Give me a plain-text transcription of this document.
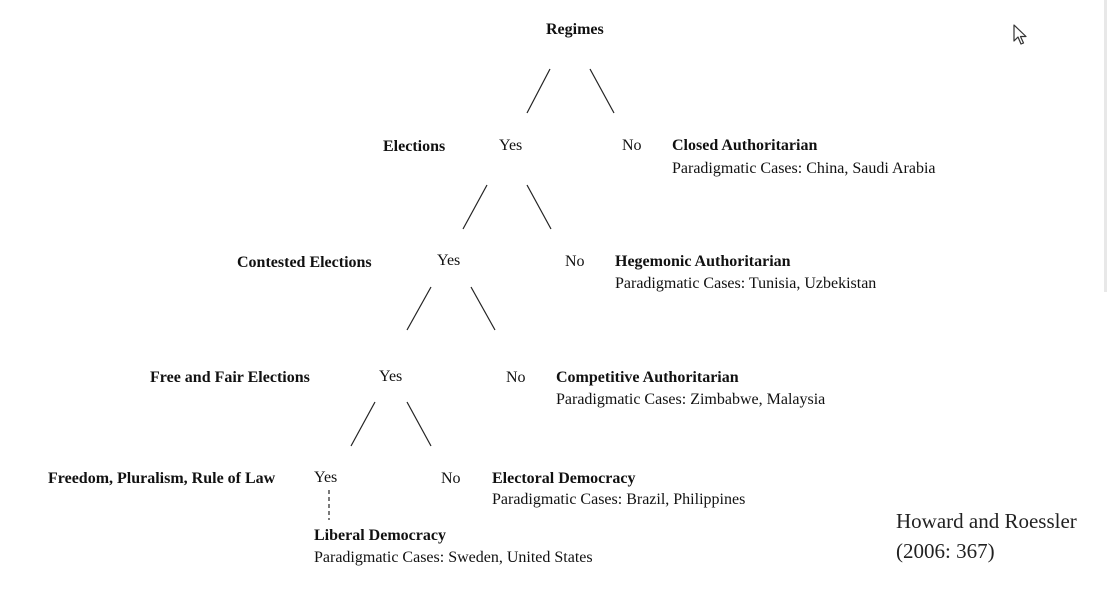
Regimes
Elections	Yes	No Closed Authoritarian
Paradigmatic Cases: China, Saudi Arabia
Contested Elections	Yes	No Hegemonic Authoritarian
Paradigmatic Cases: Tunisia, Uzbekistan
Free and Fair Elections	Yes	No Competitive Authoritarian
Paradigmatic Cases: Zimbabwe, Malaysia
Freedom, Pluralism, Rule of Law Yes	No Electoral Democracy
Paradigmatic Cases: Brazil, Philippines
Liberal Democracy
Paradigmatic Cases: Sweden, United States
Howard and Roessler
(2006: 367)
